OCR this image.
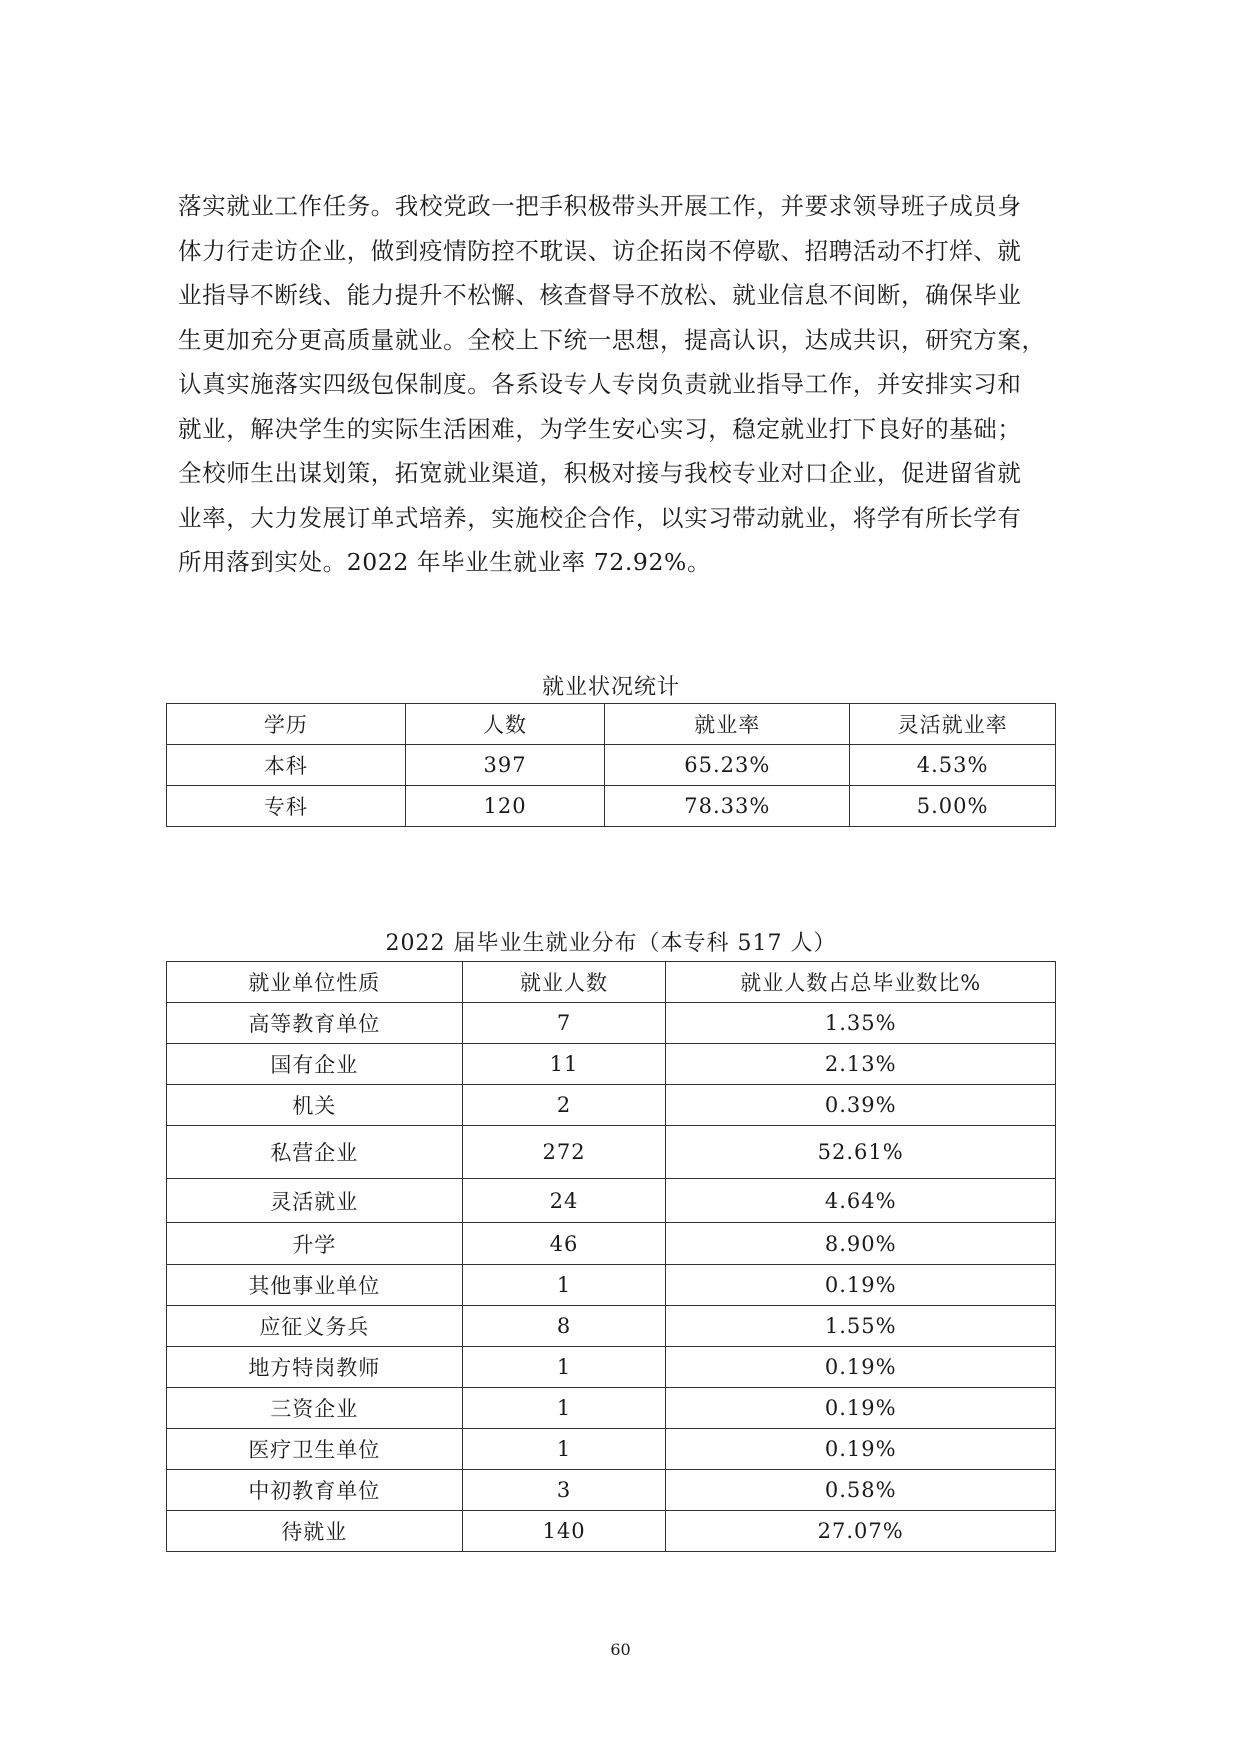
落实就业工作任务。我校党政一把手积极带头开展工作，并要求领导班子成员身
体力行走访企业，做到疫情防控不耽误、访企拓岗不停歇、招聘活动不打烊、就
业指导不断线、能力提升不松懈、核查督导不放松、就业信息不间断，确保毕业
生更加充分更高质量就业。全校上下统一思想，提高认识，达成共识，研究方案，
认真实施落实四级包保制度。各系设专人专岗负责就业指导工作，并安排实习和
就业，解决学生的实际生活困难，为学生安心实习，稳定就业打下良好的基础；
全校师生出谋划策，拓宽就业渠道，积极对接与我校专业对口企业，促进留省就
业率，大力发展订单式培养，实施校企合作，以实习带动就业，将学有所长学有
所用落到实处。2022 年毕业生就业率 72.92%。
就业状况统计
学历	人数	就业率	灵活就业率
本科	397	65.23%	4.53%
专科	120	78.33%	5.00%
2022 届毕业生就业分布（本专科 517 人）
就业单位性质	就业人数	就业人数占总毕业数比%
高等教育单位	7	1.35%
国有企业	11	2.13%
机关	2	0.39%
私营企业	272	52.61%
灵活就业	24	4.64%
升学	46	8.90%
其他事业单位	1	0.19%
应征义务兵	8	1.55%
地方特岗教师	1	0.19%
三资企业	1	0.19%
医疗卫生单位	1	0.19%
中初教育单位	3	0.58%
待就业	140	27.07%
60
